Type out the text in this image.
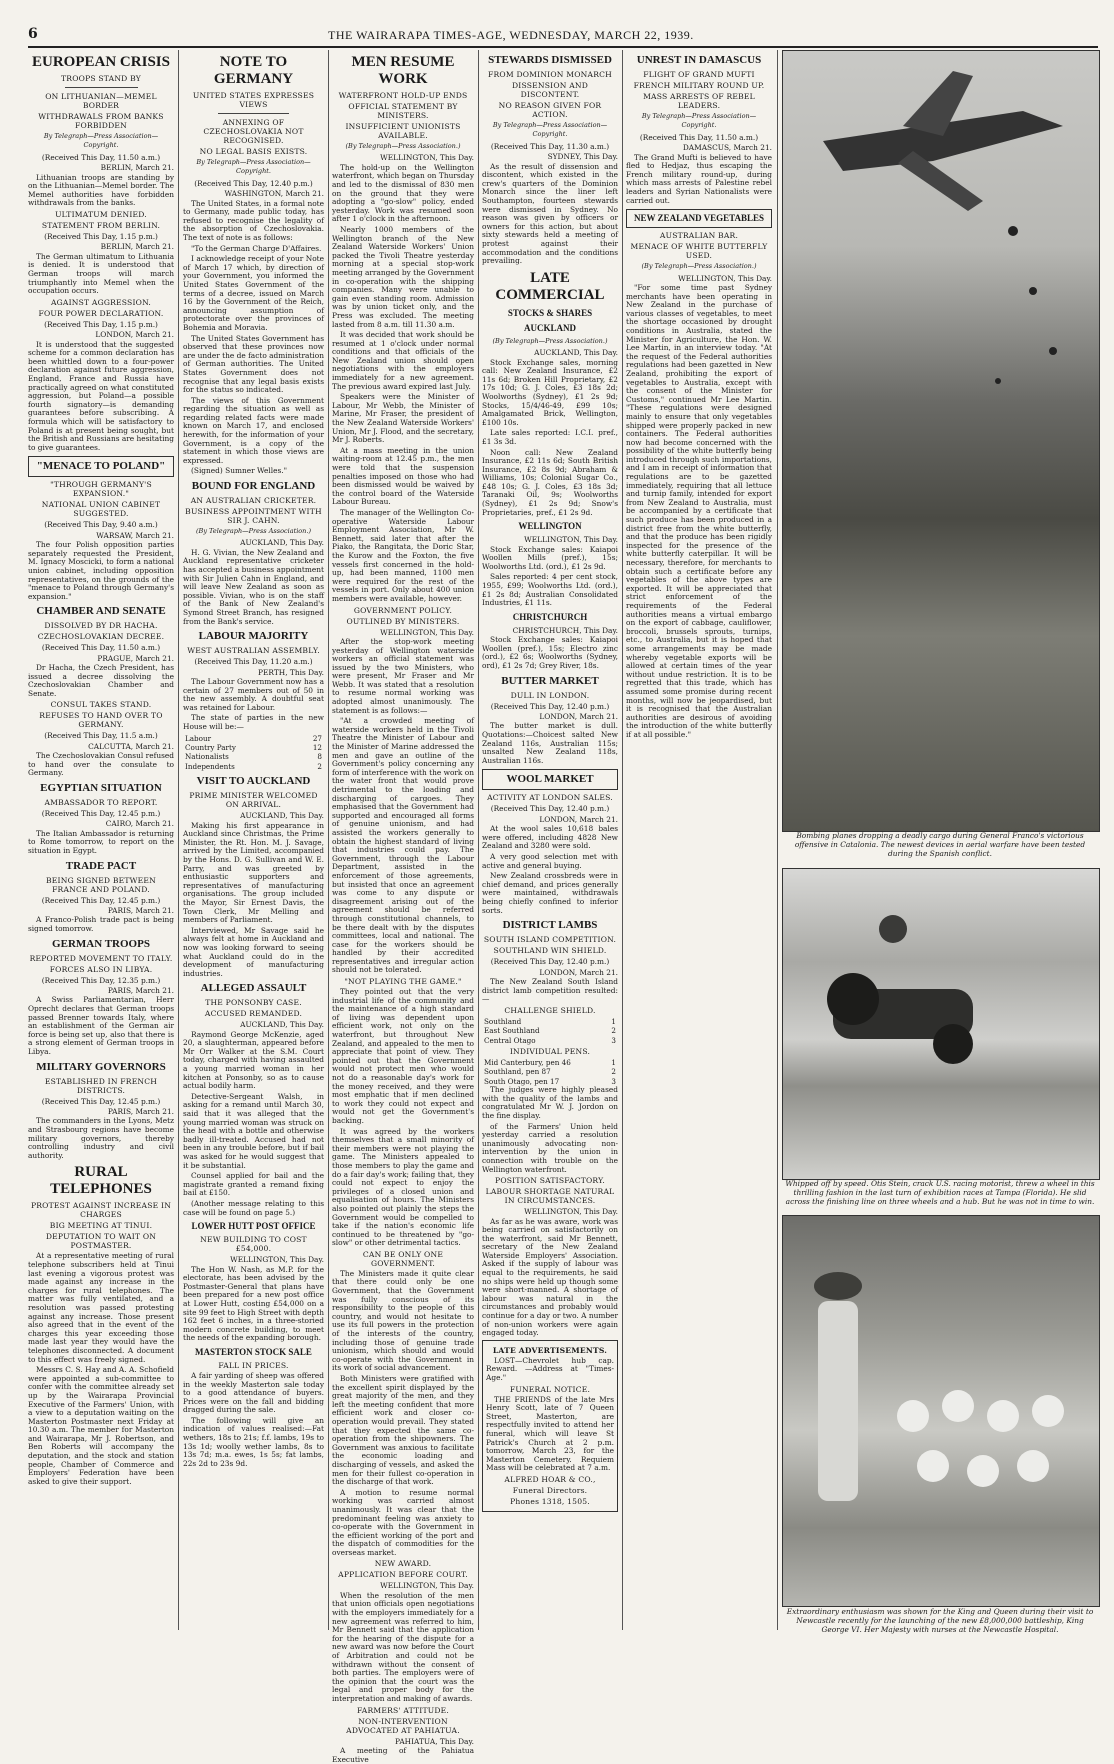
6	THE WAIRARAPA TIMES-AGE, WEDNESDAY, MARCH 22, 1939.
EUROPEAN CRISIS
TROOPS STAND BY
ON LITHUANIAN—MEMEL BORDER
WITHDRAWALS FROM BANKS FORBIDDEN
By Telegraph—Press Association—Copyright.
(Received This Day, 11.50 a.m.)
BERLIN, March 21.

Lithuanian troops are standing by on the Lithuanian—Memel border. The Memel authorities have forbidden withdrawals from the banks.

ULTIMATUM DENIED.
STATEMENT FROM BERLIN.
(Received This Day, 1.15 p.m.)
BERLIN, March 21.

The German ultimatum to Lithuania is denied. It is understood that German troops will march triumphantly into Memel when the occupation occurs.

AGAINST AGGRESSION.
FOUR POWER DECLARATION.
(Received This Day, 1.15 p.m.)
LONDON, March 21.

It is understood that the suggested scheme for a common declaration has been whittled down to a four-power declaration against future aggression, England, France and Russia have practically agreed on what constituted aggression, but Poland—a possible fourth signatory—is demanding guarantees before subscribing. A formula which will be satisfactory to Poland is at present being sought, but the British and Russians are hesitating to give guarantees.

"MENACE TO POLAND"
"THROUGH GERMANY'S EXPANSION."
NATIONAL UNION CABINET SUGGESTED.
(Received This Day, 9.40 a.m.)
WARSAW, March 21.

The four Polish opposition parties separately requested the President, M. Ignacy Moscicki, to form a national union cabinet, including opposition representatives, on the grounds of the "menace to Poland through Germany's expansion."

CHAMBER AND SENATE
DISSOLVED BY DR HACHA.
CZECHOSLOVAKIAN DECREE.
(Received This Day, 11.50 a.m.)
PRAGUE, March 21.

Dr Hacha, the Czech President, has issued a decree dissolving the Czechoslovakian Chamber and Senate.

CONSUL TAKES STAND.
REFUSES TO HAND OVER TO GERMANY.
(Received This Day, 11.5 a.m.)
CALCUTTA, March 21.

The Czechoslovakian Consul refused to hand over the consulate to Germany.

EGYPTIAN SITUATION
AMBASSADOR TO REPORT.
(Received This Day, 12.45 p.m.)
CAIRO, March 21.

The Italian Ambassador is returning to Rome tomorrow, to report on the situation in Egypt.

TRADE PACT
BEING SIGNED BETWEEN FRANCE AND POLAND.
(Received This Day, 12.45 p.m.)
PARIS, March 21.

A Franco-Polish trade pact is being signed tomorrow.

GERMAN TROOPS
REPORTED MOVEMENT TO ITALY.
FORCES ALSO IN LIBYA.
(Received This Day, 12.35 p.m.)
PARIS, March 21.

A Swiss Parliamentarian, Herr Oprecht declares that German troops passed Brenner towards Italy, where an establishment of the German air force is being set up, also that there is a strong element of German troops in Libya.

MILITARY GOVERNORS
ESTABLISHED IN FRENCH DISTRICTS.
(Received This Day, 12.45 p.m.)
PARIS, March 21.

The commanders in the Lyons, Metz and Strasbourg regions have become military governors, thereby controlling industry and civil authority.

RURAL TELEPHONES
PROTEST AGAINST INCREASE IN CHARGES
BIG MEETING AT TINUI.
DEPUTATION TO WAIT ON POSTMASTER.

At a representative meeting of rural telephone subscribers held at Tinui last evening a vigorous protest was made against any increase in the charges for rural telephones. The matter was fully ventilated, and a resolution was passed protesting against any increase. Those present also agreed that in the event of the charges this year exceeding those made last year they would have the telephones disconnected. A document to this effect was freely signed.

Messrs C. S. Hay and A. A. Schofield were appointed a sub-committee to confer with the committee already set up by the Wairarapa Provincial Executive of the Farmers' Union, with a view to a deputation waiting on the Masterton Postmaster next Friday at 10.30 a.m. The member for Masterton and Wairarapa, Mr J. Robertson, and Ben Roberts will accompany the deputation, and the stock and station people, Chamber of Commerce and Employers' Federation have been asked to give their support.

NOTE TO GERMANY
UNITED STATES EXPRESSES VIEWS
ANNEXING OF CZECHOSLOVAKIA NOT RECOGNISED.
NO LEGAL BASIS EXISTS.
By Telegraph—Press Association—Copyright.
(Received This Day, 12.40 p.m.)
WASHINGTON, March 21.

The United States, in a formal note to Germany, made public today, has refused to recognise the legality of the absorption of Czechoslovakia. The text of note is as follows:

"To the German Charge D'Affaires.

I acknowledge receipt of your Note of March 17 which, by direction of your Government, you informed the United States Government of the terms of a decree, issued on March 16 by the Government of the Reich, announcing assumption of protectorate over the provinces of Bohemia and Moravia.

The United States Government has observed that these provinces now are under the de facto administration of German authorities. The United States Government does not recognise that any legal basis exists for the status so indicated.

The views of this Government regarding the situation as well as regarding related facts were made known on March 17, and enclosed herewith, for the information of your Government, is a copy of the statement in which those views are expressed.

(Signed) Sumner Welles."

BOUND FOR ENGLAND
AN AUSTRALIAN CRICKETER.
BUSINESS APPOINTMENT WITH SIR J. CAHN.
(By Telegraph—Press Association.)
AUCKLAND, This Day.

H. G. Vivian, the New Zealand and Auckland representative cricketer has accepted a business appointment with Sir Julien Cahn in England, and will leave New Zealand as soon as possible. Vivian, who is on the staff of the Bank of New Zealand's Symond Street Branch, has resigned from the Bank's service.

LABOUR MAJORITY
WEST AUSTRALIAN ASSEMBLY.
(Received This Day, 11.20 a.m.)
PERTH, This Day.

The Labour Government now has a certain of 27 members out of 50 in the new assembly. A doubtful seat was retained for Labour.

The state of parties in the new House will be:—

Labour	27
Country Party	12
Nationalists	8
Independents	2
VISIT TO AUCKLAND
PRIME MINISTER WELCOMED ON ARRIVAL.
AUCKLAND, This Day.

Making his first appearance in Auckland since Christmas, the Prime Minister, the Rt. Hon. M. J. Savage, arrived by the Limited, accompanied by the Hons. D. G. Sullivan and W. E. Parry, and was greeted by enthusiastic supporters and representatives of manufacturing organisations. The group included the Mayor, Sir Ernest Davis, the Town Clerk, Mr Melling and members of Parliament.

Interviewed, Mr Savage said he always felt at home in Auckland and now was looking forward to seeing what Auckland could do in the development of manufacturing industries.

ALLEGED ASSAULT
THE PONSONBY CASE.
ACCUSED REMANDED.
AUCKLAND, This Day.

Raymond George McKenzie, aged 20, a slaughterman, appeared before Mr Orr Walker at the S.M. Court today, charged with having assaulted a young married woman in her kitchen at Ponsonby, so as to cause actual bodily harm.

Detective-Sergeant Walsh, in asking for a remand until March 30, said that it was alleged that the young married woman was struck on the head with a bottle and otherwise badly ill-treated. Accused had not been in any trouble before, but if bail was asked for he would suggest that it be substantial.

Counsel applied for bail and the magistrate granted a remand fixing bail at £150.

(Another message relating to this case will be found on page 5.)

LOWER HUTT POST OFFICE
NEW BUILDING TO COST £54,000.
WELLINGTON, This Day.

The Hon W. Nash, as M.P. for the electorate, has been advised by the Postmaster-General that plans have been prepared for a new post office at Lower Hutt, costing £54,000 on a site 99 feet to High Street with depth 162 feet 6 inches, in a three-storied modern concrete building, to meet the needs of the expanding borough.

MASTERTON STOCK SALE
FALL IN PRICES.

A fair yarding of sheep was offered in the weekly Masterton sale today to a good attendance of buyers. Prices were on the fall and bidding dragged during the sale.

The following will give an indication of values realised:—Fat wethers, 18s to 21s; f.f. lambs, 19s to 13s 1d; woolly wether lambs, 8s to 13s 7d; m.a. ewes, 1s 5s; fat lambs, 22s 2d to 23s 9d.

MEN RESUME WORK
WATERFRONT HOLD-UP ENDS
OFFICIAL STATEMENT BY MINISTERS.
INSUFFICIENT UNIONISTS AVAILABLE.
(By Telegraph—Press Association.)
WELLINGTON, This Day.

The hold-up on the Wellington waterfront, which began on Thursday and led to the dismissal of 830 men on the ground that they were adopting a "go-slow" policy, ended yesterday. Work was resumed soon after 1 o'clock in the afternoon.

Nearly 1000 members of the Wellington branch of the New Zealand Waterside Workers' Union packed the Tivoli Theatre yesterday morning at a special stop-work meeting arranged by the Government in co-operation with the shipping companies. Many were unable to gain even standing room. Admission was by union ticket only, and the Press was excluded. The meeting lasted from 8 a.m. till 11.30 a.m.

It was decided that work should be resumed at 1 o'clock under normal conditions and that officials of the New Zealand union should open negotiations with the employers immediately for a new agreement. The previous award expired last July.

Speakers were the Minister of Labour, Mr Webb, the Minister of Marine, Mr Fraser, the president of the New Zealand Waterside Workers' Union, Mr J. Flood, and the secretary, Mr J. Roberts.

At a mass meeting in the union waiting-room at 12.45 p.m., the men were told that the suspension penalties imposed on those who had been dismissed would be waived by the control board of the Waterside Labour Bureau.

The manager of the Wellington Co-operative Waterside Labour Employment Association, Mr W. Bennett, said later that after the Piako, the Rangitata, the Doric Star, the Kurow and the Foxton, the five vessels first concerned in the hold-up, had been manned, 1100 men were required for the rest of the vessels in port. Only about 400 union members were available, however.

GOVERNMENT POLICY.
OUTLINED BY MINISTERS.
WELLINGTON, This Day.

After the stop-work meeting yesterday of Wellington waterside workers an official statement was issued by the two Ministers, who were present, Mr Fraser and Mr Webb. It was stated that a resolution to resume normal working was adopted almost unanimously. The statement is as follows:—

"At a crowded meeting of waterside workers held in the Tivoli Theatre the Minister of Labour and the Minister of Marine addressed the men and gave an outline of the Government's policy concerning any form of interference with the work on the water front that would prove detrimental to the loading and discharging of cargoes. They emphasised that the Government had supported and encouraged all forms of genuine unionism, and had assisted the workers generally to obtain the highest standard of living that industries could pay. The Government, through the Labour Department, assisted in the enforcement of those agreements, but insisted that once an agreement was come to any dispute or disagreement arising out of the agreement should be referred through constitutional channels, to be there dealt with by the disputes committees, local and national. The case for the workers should be handled by their accredited representatives and irregular action should not be tolerated.

"NOT PLAYING THE GAME."

They pointed out that the very industrial life of the community and the maintenance of a high standard of living was dependent upon efficient work, not only on the waterfront, but throughout New Zealand, and appealed to the men to appreciate that point of view. They pointed out that the Government would not protect men who would not do a reasonable day's work for the money received, and they were most emphatic that if men declined to work they could not expect and would not get the Government's backing.

It was agreed by the workers themselves that a small minority of their members were not playing the game. The Ministers appealed to those members to play the game and do a fair day's work; failing that, they could not expect to enjoy the privileges of a closed union and equalisation of hours. The Ministers also pointed out plainly the steps the Government would be compelled to take if the nation's economic life continued to be threatened by "go-slow" or other detrimental tactics.

CAN BE ONLY ONE GOVERNMENT.

The Ministers made it quite clear that there could only be one Government, that the Government was fully conscious of its responsibility to the people of this country, and would not hesitate to use its full powers in the protection of the interests of the country, including those of genuine trade unionism, which should and would co-operate with the Government in its work of social advancement.

Both Ministers were gratified with the excellent spirit displayed by the great majority of the men, and they left the meeting confident that more efficient work and closer co-operation would prevail. They stated that they expected the same co-operation from the shipowners. The Government was anxious to facilitate the economic loading and discharging of vessels, and asked the men for their fullest co-operation in the discharge of that work.

A motion to resume normal working was carried almost unanimously. It was clear that the predominant feeling was anxiety to co-operate with the Government in the efficient working of the port and the dispatch of commodities for the overseas market.

NEW AWARD.
APPLICATION BEFORE COURT.
WELLINGTON, This Day.

When the resolution of the men that union officials open negotiations with the employers immediately for a new agreement was referred to him, Mr Bennett said that the application for the hearing of the dispute for a new award was now before the Court of Arbitration and could not be withdrawn without the consent of both parties. The employers were of the opinion that the court was the legal and proper body for the interpretation and making of awards.

FARMERS' ATTITUDE.
NON-INTERVENTION ADVOCATED AT PAHIATUA.
PAHIATUA, This Day.

A meeting of the Pahiatua Executive

STEWARDS DISMISSED
FROM DOMINION MONARCH
DISSENSION AND DISCONTENT.
NO REASON GIVEN FOR ACTION.
By Telegraph—Press Association—Copyright.
(Received This Day, 11.30 a.m.)
SYDNEY, This Day.

As the result of dissension and discontent, which existed in the crew's quarters of the Dominion Monarch since the liner left Southampton, fourteen stewards were dismissed in Sydney. No reason was given by officers or owners for this action, but about sixty stewards held a meeting of protest against their accommodation and the conditions prevailing.

LATE COMMERCIAL
STOCKS & SHARES
AUCKLAND
(By Telegraph—Press Association.)
AUCKLAND, This Day.

Stock Exchange sales, morning call: New Zealand Insurance, £2 11s 6d; Broken Hill Proprietary, £2 17s 10d; G. J. Coles, £3 18s 2d; Woolworths (Sydney), £1 2s 9d; Stocks, 15/4/46-49, £99 10s; Amalgamated Brick, Wellington, £100 10s.

Late sales reported: I.C.I. pref., £1 3s 3d.

Noon call: New Zealand Insurance, £2 11s 6d; South British Insurance, £2 8s 9d; Abraham & Williams, 10s; Colonial Sugar Co., £48 10s; G. J. Coles, £3 18s 3d; Taranaki Oil, 9s; Woolworths (Sydney), £1 2s 9d; Snow's Proprietaries, pref., £1 2s 9d.

WELLINGTON
WELLINGTON, This Day.

Stock Exchange sales: Kaiapoi Woollen Mills (pref.), 15s; Woolworths Ltd. (ord.), £1 2s 9d.

Sales reported: 4 per cent stock, 1955, £99; Woolworths Ltd. (ord.), £1 2s 8d; Australian Consolidated Industries, £1 11s.

CHRISTCHURCH
CHRISTCHURCH, This Day.

Stock Exchange sales: Kaiapoi Woollen (pref.), 15s; Electro zinc (ord.), £2 6s; Woolworths (Sydney, ord), £1 2s 7d; Grey River, 18s.

BUTTER MARKET
DULL IN LONDON.
(Received This Day, 12.40 p.m.)
LONDON, March 21.

The butter market is dull. Quotations:—Choicest salted New Zealand 116s, Australian 115s; unsalted New Zealand 118s, Australian 116s.

WOOL MARKET
ACTIVITY AT LONDON SALES.
(Received This Day, 12.40 p.m.)
LONDON, March 21.

At the wool sales 10,618 bales were offered, including 4828 New Zealand and 3280 were sold.

A very good selection met with active and general buying.

New Zealand crossbreds were in chief demand, and prices generally were maintained, withdrawals being chiefly confined to inferior sorts.

DISTRICT LAMBS
SOUTH ISLAND COMPETITION.
SOUTHLAND WIN SHIELD.
(Received This Day, 12.40 p.m.)
LONDON, March 21.

The New Zealand South Island district lamb competition resulted:—

CHALLENGE SHIELD.
Southland	1
East Southland	2
Central Otago	3
INDIVIDUAL PENS.
Mid Canterbury, pen 46	1
Southland, pen 87	2
South Otago, pen 17	3

The judges were highly pleased with the quality of the lambs and congratulated Mr W. J. Jordon on the fine display.

of the Farmers' Union held yesterday carried a resolution unanimously advocating non-intervention by the union in connection with trouble on the Wellington waterfront.

POSITION SATISFACTORY.
LABOUR SHORTAGE NATURAL IN CIRCUMSTANCES.
WELLINGTON, This Day.

As far as he was aware, work was being carried on satisfactorily on the waterfront, said Mr Bennett, secretary of the New Zealand Waterside Employers' Association. Asked if the supply of labour was equal to the requirements, he said no ships were held up though some were short-manned. A shortage of labour was natural in the circumstances and probably would continue for a day or two. A number of non-union workers were again engaged today.

LATE ADVERTISEMENTS.

LOST—Chevrolet hub cap. Reward. —Address at "Times-Age."

FUNERAL NOTICE.

THE FRIENDS of the late Mrs Henry Scott, late of 7 Queen Street, Masterton, are respectfully invited to attend her funeral, which will leave St Patrick's Church at 2 p.m. tomorrow, March 23, for the Masterton Cemetery. Requiem Mass will be celebrated at 7 a.m.

ALFRED HOAR & CO.,
Funeral Directors.
Phones 1318, 1505.
UNREST IN DAMASCUS
FLIGHT OF GRAND MUFTI
FRENCH MILITARY ROUND UP.
MASS ARRESTS OF REBEL LEADERS.
By Telegraph—Press Association—Copyright.
(Received This Day, 11.50 a.m.)
DAMASCUS, March 21.

The Grand Mufti is believed to have fled to Hedjaz, thus escaping the French military round-up, during which mass arrests of Palestine rebel leaders and Syrian Nationalists were carried out.

NEW ZEALAND VEGETABLES
AUSTRALIAN BAR.
MENACE OF WHITE BUTTERFLY USED.
(By Telegraph—Press Association.)
WELLINGTON, This Day.

"For some time past Sydney merchants have been operating in New Zealand in the purchase of various classes of vegetables, to meet the shortage occasioned by drought conditions in Australia, stated the Minister for Agriculture, the Hon. W. Lee Martin, in an interview today. "At the request of the Federal authorities regulations had been gazetted in New Zealand, prohibiting the export of vegetables to Australia, except with the consent of the Minister for Customs," continued Mr Lee Martin. "These regulations were designed mainly to ensure that only vegetables shipped were properly packed in new containers. The Federal authorities now had become concerned with the possibility of the white butterfly being introduced through such importations, and I am in receipt of information that regulations are to be gazetted immediately, requiring that all lettuce and turnip family, intended for export from New Zealand to Australia, must be accompanied by a certificate that such produce has been produced in a district free from the white butterfly, and that the produce has been rigidly inspected for the presence of the white butterfly caterpillar. It will be necessary, therefore, for merchants to obtain such a certificate before any vegetables of the above types are exported. It will be appreciated that strict enforcement of the requirements of the Federal authorities means a virtual embargo on the export of cabbage, cauliflower, broccoli, brussels sprouts, turnips, etc., to Australia, but it is hoped that some arrangements may be made whereby vegetable exports will be allowed at certain times of the year without undue restriction. It is to be regretted that this trade, which has assumed some promise during recent months, will now be jeopardised, but it is recognised that the Australian authorities are desirous of avoiding the introduction of the white butterfly if at all possible."

Bombing planes dropping a deadly cargo during General Franco's victorious offensive in Catalonia. The newest devices in aerial warfare have been tested during the Spanish conflict.
Whipped off by speed. Otis Stein, crack U.S. racing motorist, threw a wheel in this thrilling fashion in the last turn of exhibition races at Tampa (Florida). He slid across the finishing line on three wheels and a hub. But he was not in time to win.
Extraordinary enthusiasm was shown for the King and Queen during their visit to Newcastle recently for the launching of the new £8,000,000 battleship, King George VI. Her Majesty with nurses at the Newcastle Hospital.
